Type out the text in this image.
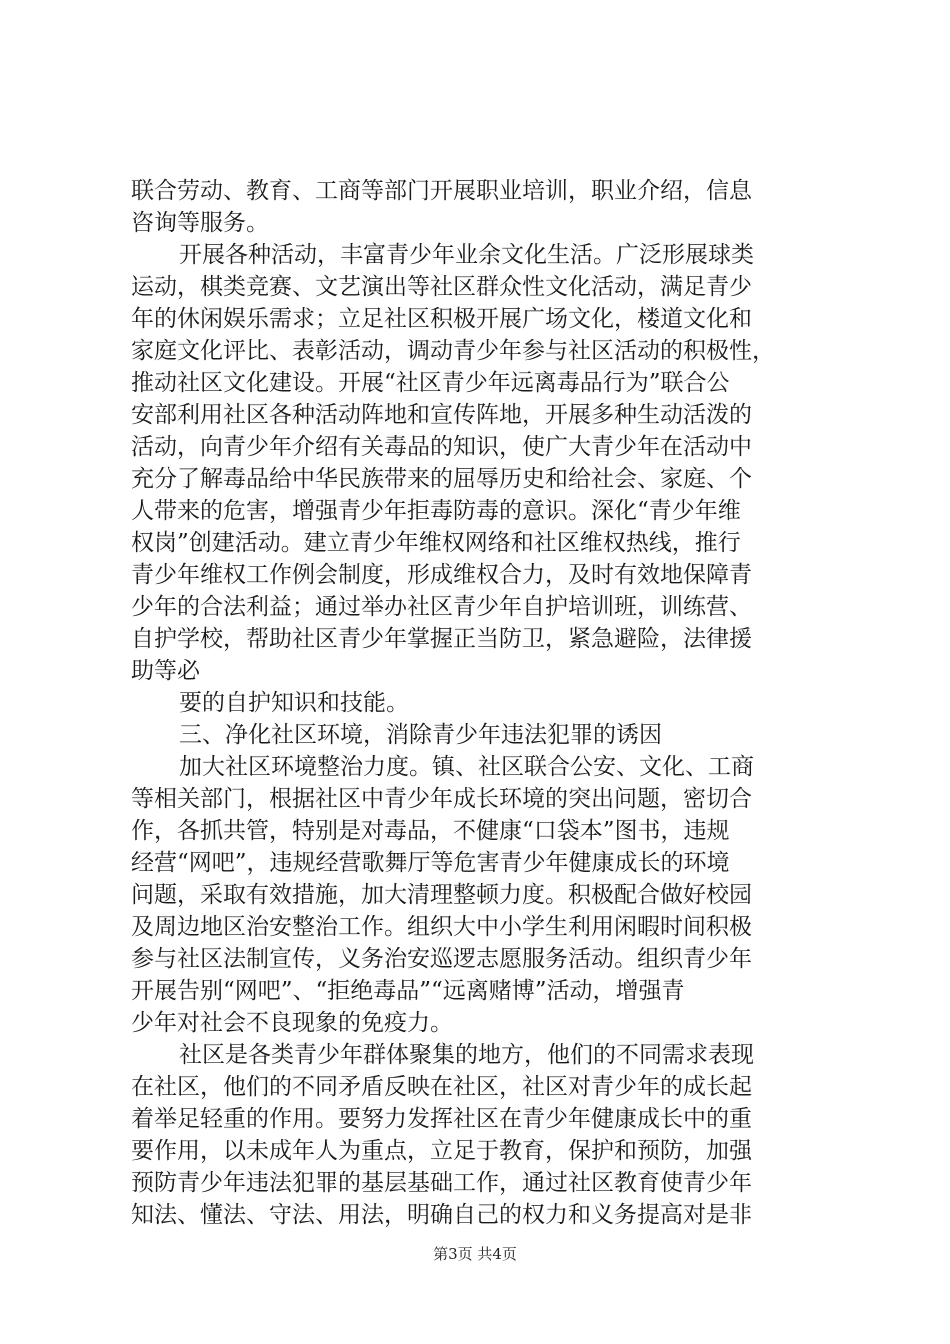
联合劳动、教育、工商等部门开展职业培训，职业介绍，信息
咨询等服务。
开展各种活动，丰富青少年业余文化生活。广泛形展球类
运动，棋类竞赛、文艺演出等社区群众性文化活动，满足青少
年的休闲娱乐需求；立足社区积极开展广场文化，楼道文化和
家庭文化评比、表彰活动，调动青少年参与社区活动的积极性，
推动社区文化建设。开展“社区青少年远离毒品行为”联合公
安部利用社区各种活动阵地和宣传阵地，开展多种生动活泼的
活动，向青少年介绍有关毒品的知识，使广大青少年在活动中
充分了解毒品给中华民族带来的屈辱历史和给社会、家庭、个
人带来的危害，增强青少年拒毒防毒的意识。深化“青少年维
权岗”创建活动。建立青少年维权网络和社区维权热线，推行
青少年维权工作例会制度，形成维权合力，及时有效地保障青
少年的合法利益；通过举办社区青少年自护培训班，训练营、
自护学校，帮助社区青少年掌握正当防卫，紧急避险，法律援
助等必
要的自护知识和技能。
三、净化社区环境，消除青少年违法犯罪的诱因
加大社区环境整治力度。镇、社区联合公安、文化、工商
等相关部门，根据社区中青少年成长环境的突出问题，密切合
作，各抓共管，特别是对毒品，不健康“口袋本”图书，违规
经营“网吧”，违规经营歌舞厅等危害青少年健康成长的环境
问题，采取有效措施，加大清理整顿力度。积极配合做好校园
及周边地区治安整治工作。组织大中小学生利用闲暇时间积极
参与社区法制宣传，义务治安巡逻志愿服务活动。组织青少年
开展告别“网吧”、“拒绝毒品”“远离赌博”活动，增强青
少年对社会不良现象的免疫力。
社区是各类青少年群体聚集的地方，他们的不同需求表现
在社区，他们的不同矛盾反映在社区，社区对青少年的成长起
着举足轻重的作用。要努力发挥社区在青少年健康成长中的重
要作用，以未成年人为重点，立足于教育，保护和预防，加强
预防青少年违法犯罪的基层基础工作，通过社区教育使青少年
知法、懂法、守法、用法，明确自己的权力和义务提高对是非
第3页 共4页
